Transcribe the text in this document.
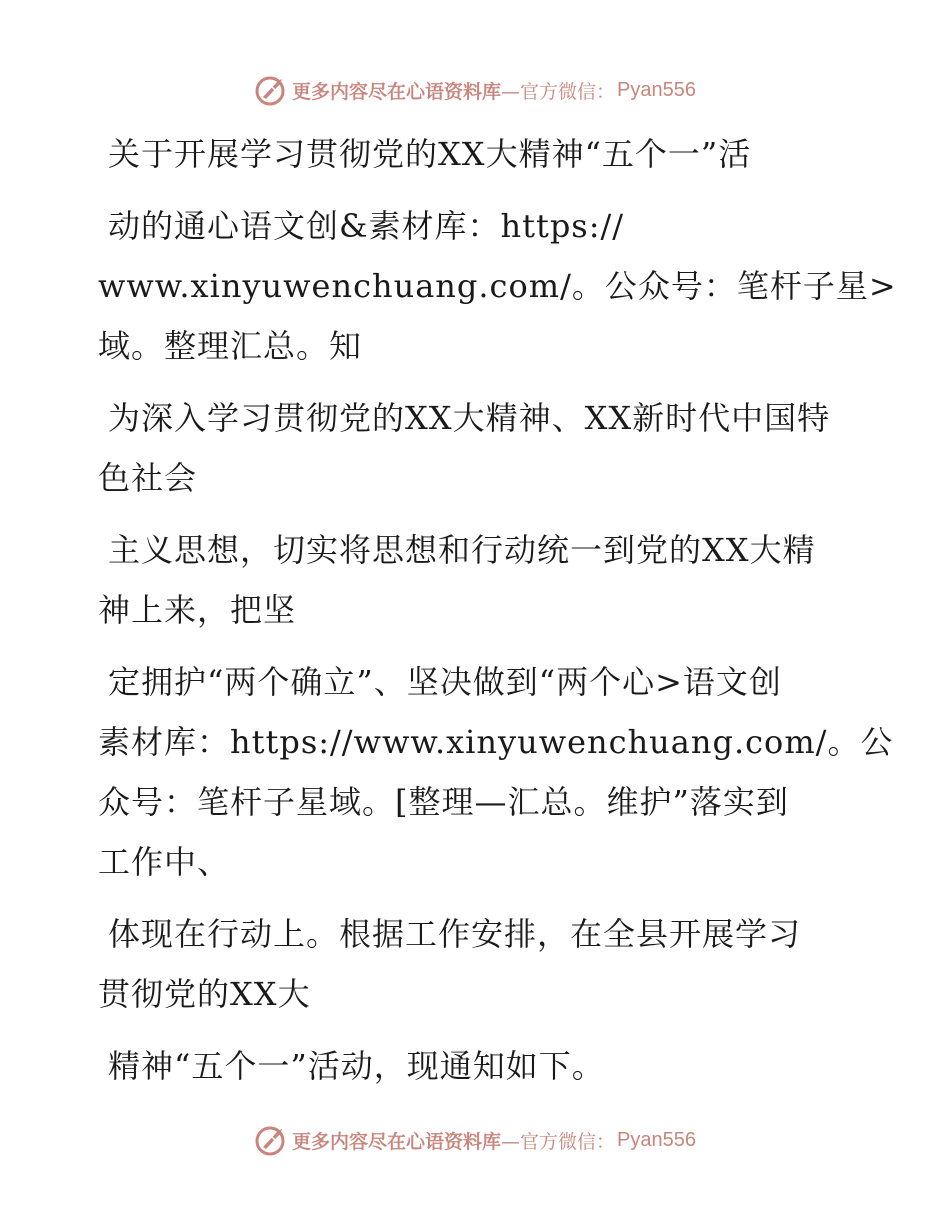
更多内容尽在心语资料库 —官方微信： Pyan556
关于开展学习贯彻党的XX大精神“五个一”活
动的通心语文创&素材库：https://
www.xinyuwenchuang.com/。公众号：笔杆子星>
域。整理汇总。知
为深入学习贯彻党的XX大精神、XX新时代中国特
色社会
主义思想，切实将思想和行动统一到党的XX大精
神上来，把坚
定拥护“两个确立”、坚决做到“两个心>语文创
素材库：https://www.xinyuwenchuang.com/。公
众号：笔杆子星域。[整理—汇总。维护”落实到
工作中、
体现在行动上。根据工作安排，在全县开展学习
贯彻党的XX大
精神“五个一”活动，现通知如下。
更多内容尽在心语资料库 —官方微信： Pyan556
